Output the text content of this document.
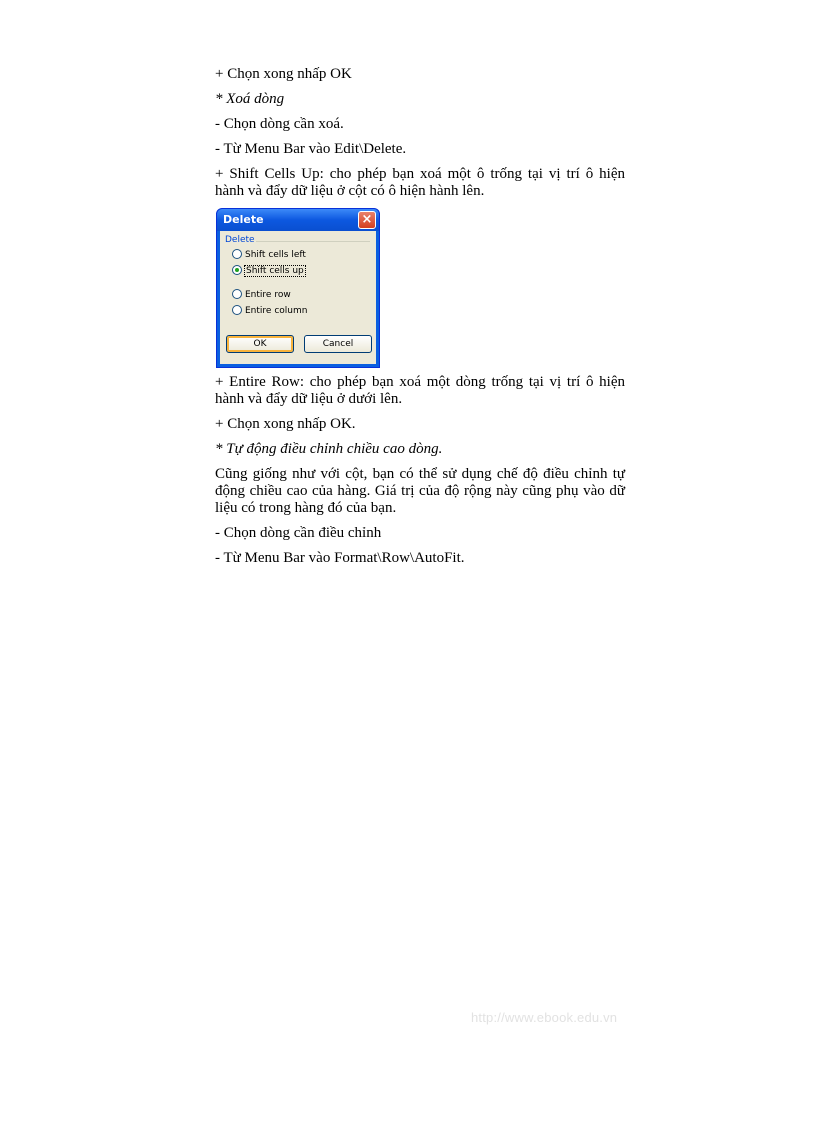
+ Chọn xong nhấp OK

* Xoá dòng

- Chọn dòng cần xoá.

- Từ Menu Bar vào Edit\Delete.

+ Shift Cells Up: cho phép bạn xoá một ô trống tại vị trí ô hiện hành và đẩy dữ liệu ở cột có ô hiện hành lên.

Delete	×
Delete
Shift cells left
Shift cells up
Entire row
Entire column
OK	Cancel

+ Entire Row: cho phép bạn xoá một dòng trống tại vị trí ô hiện hành và đẩy dữ liệu ở dưới lên.

+ Chọn xong nhấp OK.

* Tự động điều chỉnh chiều cao dòng.

Cũng giống như với cột, bạn có thể sử dụng chế độ điều chỉnh tự động chiều cao của hàng. Giá trị của độ rộng này cũng phụ vào dữ liệu có trong hàng đó của bạn.

- Chọn dòng cần điều chỉnh

- Từ Menu Bar vào Format\Row\AutoFit.

http://www.ebook.edu.vn
